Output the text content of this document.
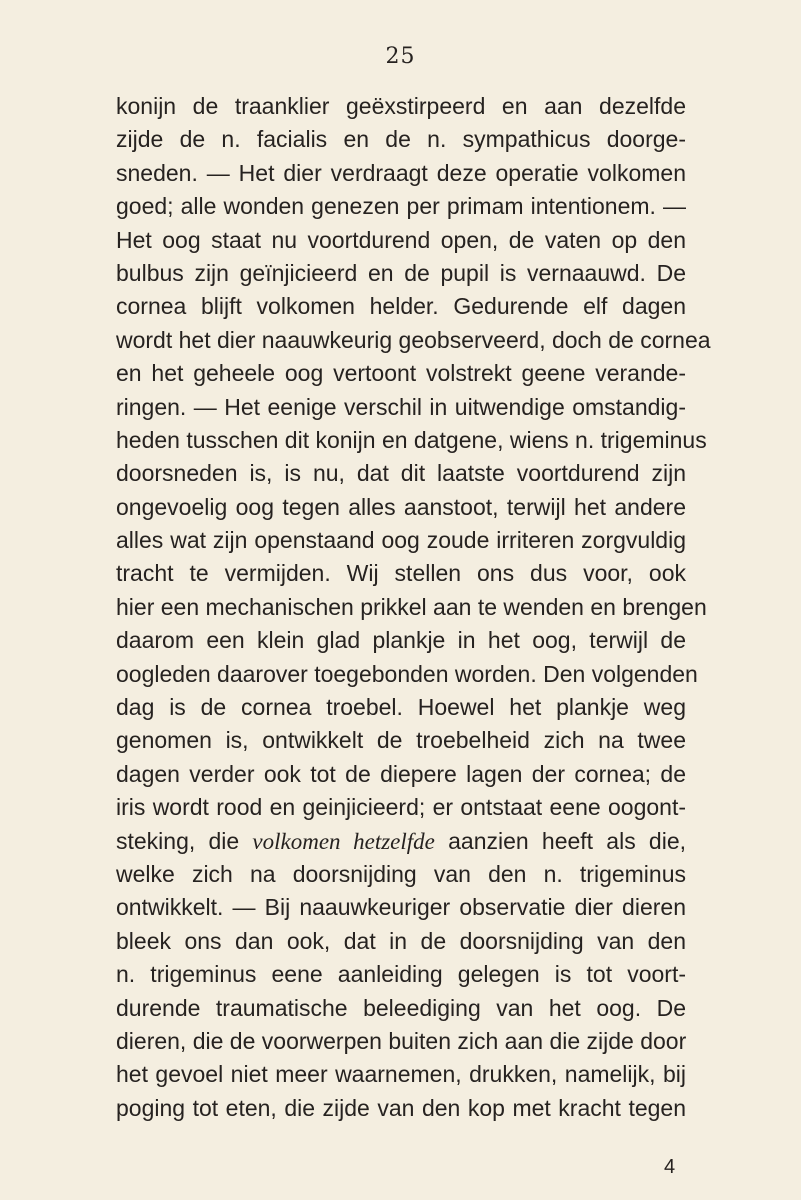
25
konijn de traanklier geëxstirpeerd en aan dezelfde
zijde de n. facialis en de n. sympathicus doorge-
sneden. — Het dier verdraagt deze operatie volkomen
goed; alle wonden genezen per primam intentionem. —
Het oog staat nu voortdurend open, de vaten op den
bulbus zijn geïnjicieerd en de pupil is vernaauwd. De
cornea blijft volkomen helder. Gedurende elf dagen
wordt het dier naauwkeurig geobserveerd, doch de cornea
en het geheele oog vertoont volstrekt geene verande-
ringen. — Het eenige verschil in uitwendige omstandig-
heden tusschen dit konijn en datgene, wiens n. trigeminus
doorsneden is, is nu, dat dit laatste voortdurend zijn
ongevoelig oog tegen alles aanstoot, terwijl het andere
alles wat zijn openstaand oog zoude irriteren zorgvuldig
tracht te vermijden. Wij stellen ons dus voor, ook
hier een mechanischen prikkel aan te wenden en brengen
daarom een klein glad plankje in het oog, terwijl de
oogleden daarover toegebonden worden. Den volgenden
dag is de cornea troebel. Hoewel het plankje weg
genomen is, ontwikkelt de troebelheid zich na twee
dagen verder ook tot de diepere lagen der cornea; de
iris wordt rood en geinjicieerd; er ontstaat eene oogont-
steking, die volkomen hetzelfde aanzien heeft als die,
welke zich na doorsnijding van den n. trigeminus
ontwikkelt. — Bij naauwkeuriger observatie dier dieren
bleek ons dan ook, dat in de doorsnijding van den
n. trigeminus eene aanleiding gelegen is tot voort-
durende traumatische beleediging van het oog. De
dieren, die de voorwerpen buiten zich aan die zijde door
het gevoel niet meer waarnemen, drukken, namelijk, bij
poging tot eten, die zijde van den kop met kracht tegen
4
